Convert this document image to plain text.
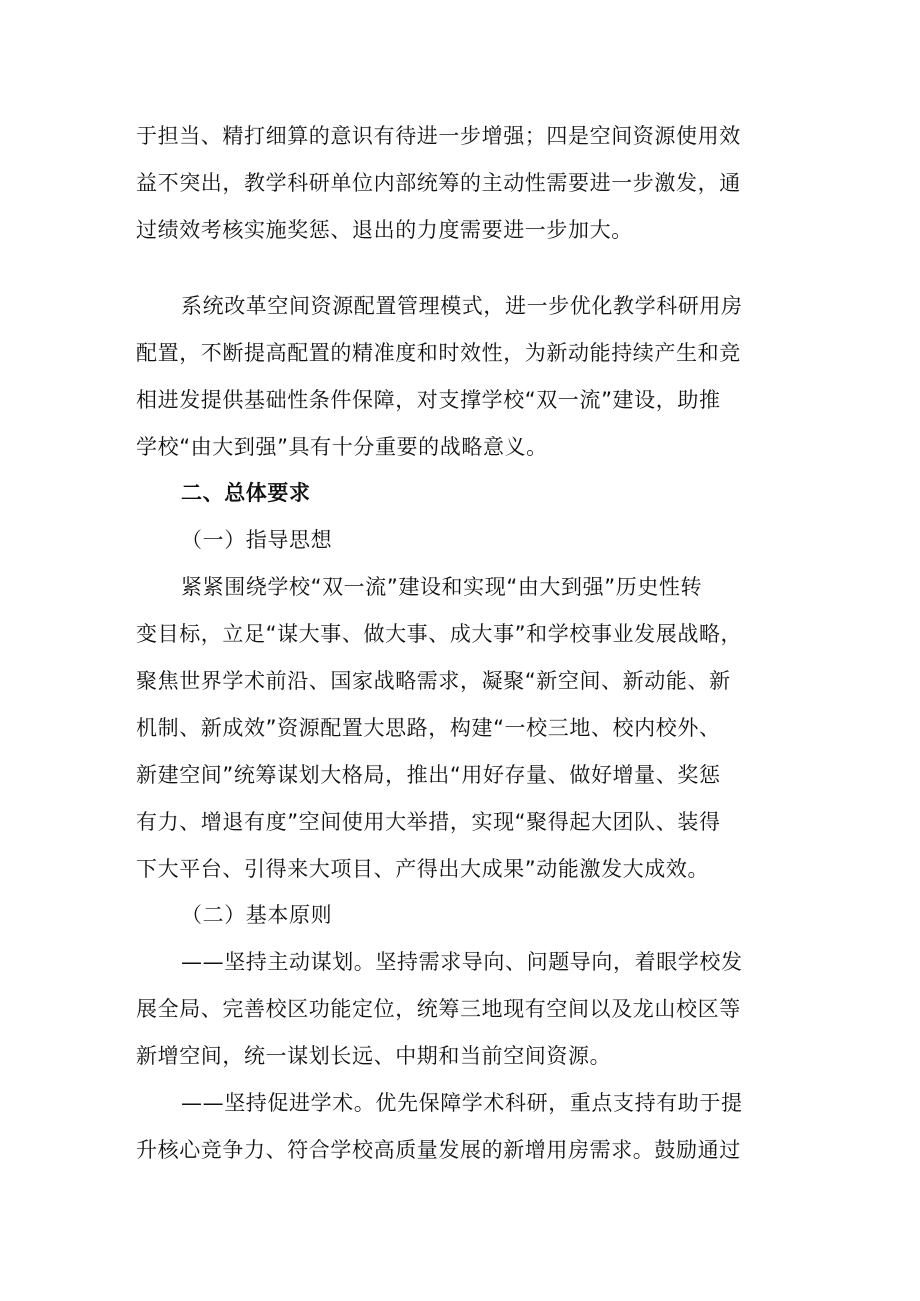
于担当、精打细算的意识有待进一步增强；四是空间资源使用效
益不突出，教学科研单位内部统筹的主动性需要进一步激发，通
过绩效考核实施奖惩、退出的力度需要进一步加大。
系统改革空间资源配置管理模式，进一步优化教学科研用房
配置，不断提高配置的精准度和时效性，为新动能持续产生和竞
相进发提供基础性条件保障，对支撑学校“双一流”建设，助推
学校“由大到强”具有十分重要的战略意义。
二、总体要求
（一）指导思想
紧紧围绕学校“双一流”建设和实现“由大到强”历史性转
变目标，立足“谋大事、做大事、成大事”和学校事业发展战略，
聚焦世界学术前沿、国家战略需求，凝聚“新空间、新动能、新
机制、新成效”资源配置大思路，构建“一校三地、校内校外、
新建空间”统筹谋划大格局，推出“用好存量、做好增量、奖惩
有力、增退有度”空间使用大举措，实现“聚得起大团队、装得
下大平台、引得来大项目、产得出大成果”动能激发大成效。
（二）基本原则
——坚持主动谋划。坚持需求导向、问题导向，着眼学校发
展全局、完善校区功能定位，统筹三地现有空间以及龙山校区等
新增空间，统一谋划长远、中期和当前空间资源。
——坚持促进学术。优先保障学术科研，重点支持有助于提
升核心竞争力、符合学校高质量发展的新增用房需求。鼓励通过
